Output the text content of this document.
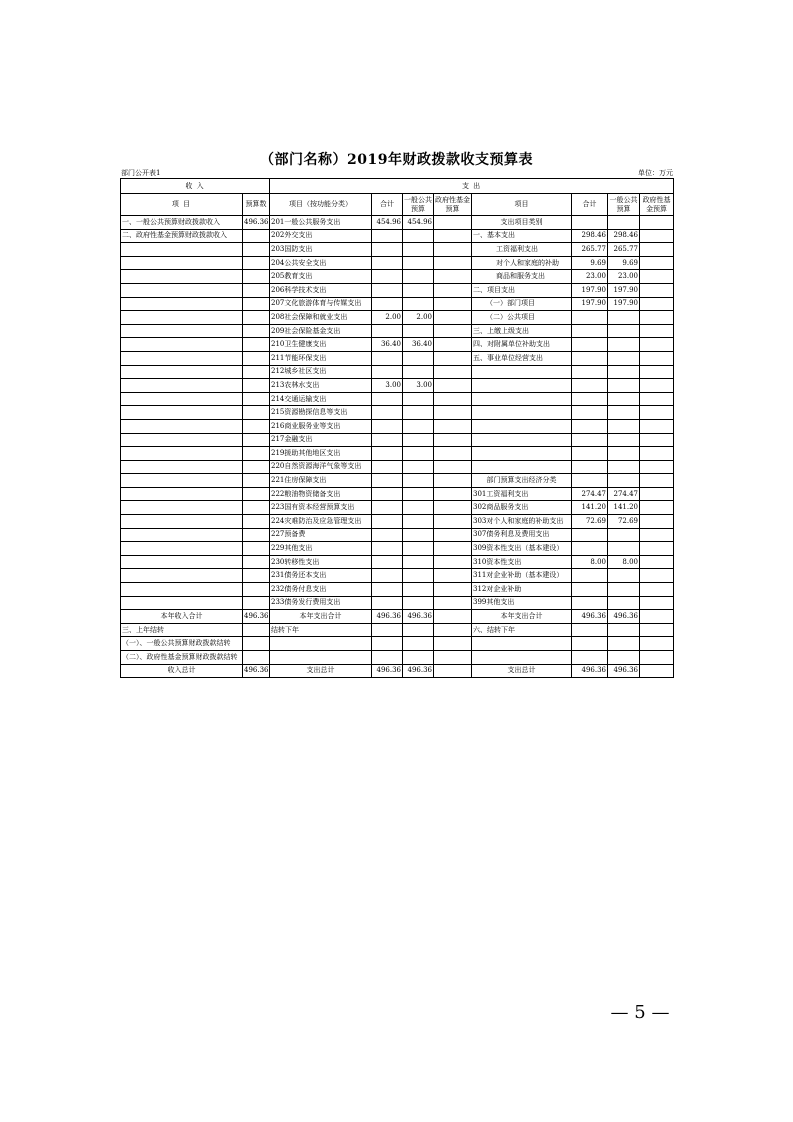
（部门名称）2019年财政拨款收支预算表
部门公开表1	单位：万元
收 入		支 出							
项 目	预算数	项目（按功能分类）	合计	一般公共预算	政府性基金预算	项目	合计	一般公共预算	政府性基金预算
一、一般公共预算财政拨款收入	496.36	201一般公共服务支出	454.96	454.96		支出项目类别			
二、政府性基金预算财政拨款收入		202外交支出				一、基本支出	298.46	298.46	
		203国防支出				工资福利支出	265.77	265.77	
		204公共安全支出				对个人和家庭的补助	9.69	9.69	
		205教育支出				商品和服务支出	23.00	23.00	
		206科学技术支出				二、项目支出	197.90	197.90	
		207文化旅游体育与传媒支出				（一）部门项目	197.90	197.90	
		208社会保障和就业支出	2.00	2.00		（二）公共项目			
		209社会保险基金支出				三、上缴上级支出			
		210卫生健康支出	36.40	36.40		四、对附属单位补助支出			
		211节能环保支出				五、事业单位经营支出			
		212城乡社区支出							
		213农林水支出	3.00	3.00					
		214交通运输支出							
		215资源勘探信息等支出							
		216商业服务业等支出							
		217金融支出							
		219援助其他地区支出							
		220自然资源海洋气象等支出							
		221住房保障支出				部门预算支出经济分类			
		222粮油物资储备支出				301工资福利支出	274.47	274.47	
		223国有资本经营预算支出				302商品服务支出	141.20	141.20	
		224灾难防治及应急管理支出				303对个人和家庭的补助支出	72.69	72.69	
		227预备费				307债务利息及费用支出			
		229其他支出				309资本性支出（基本建设）			
		230转移性支出				310资本性支出	8.00	8.00	
		231债务还本支出				311对企业补助（基本建设）			
		232债务付息支出				312对企业补助			
		233债务发行费用支出				399其他支出			
本年收入合计	496.36	本年支出合计	496.36	496.36		本年支出合计	496.36	496.36	
三、上年结转		结转下年				六、结转下年			
（一）、一般公共预算财政拨款结转									
（二）、政府性基金预算财政拨款结转									
收入总计	496.36	支出总计	496.36	496.36		支出总计	496.36	496.36	
— 5 —
